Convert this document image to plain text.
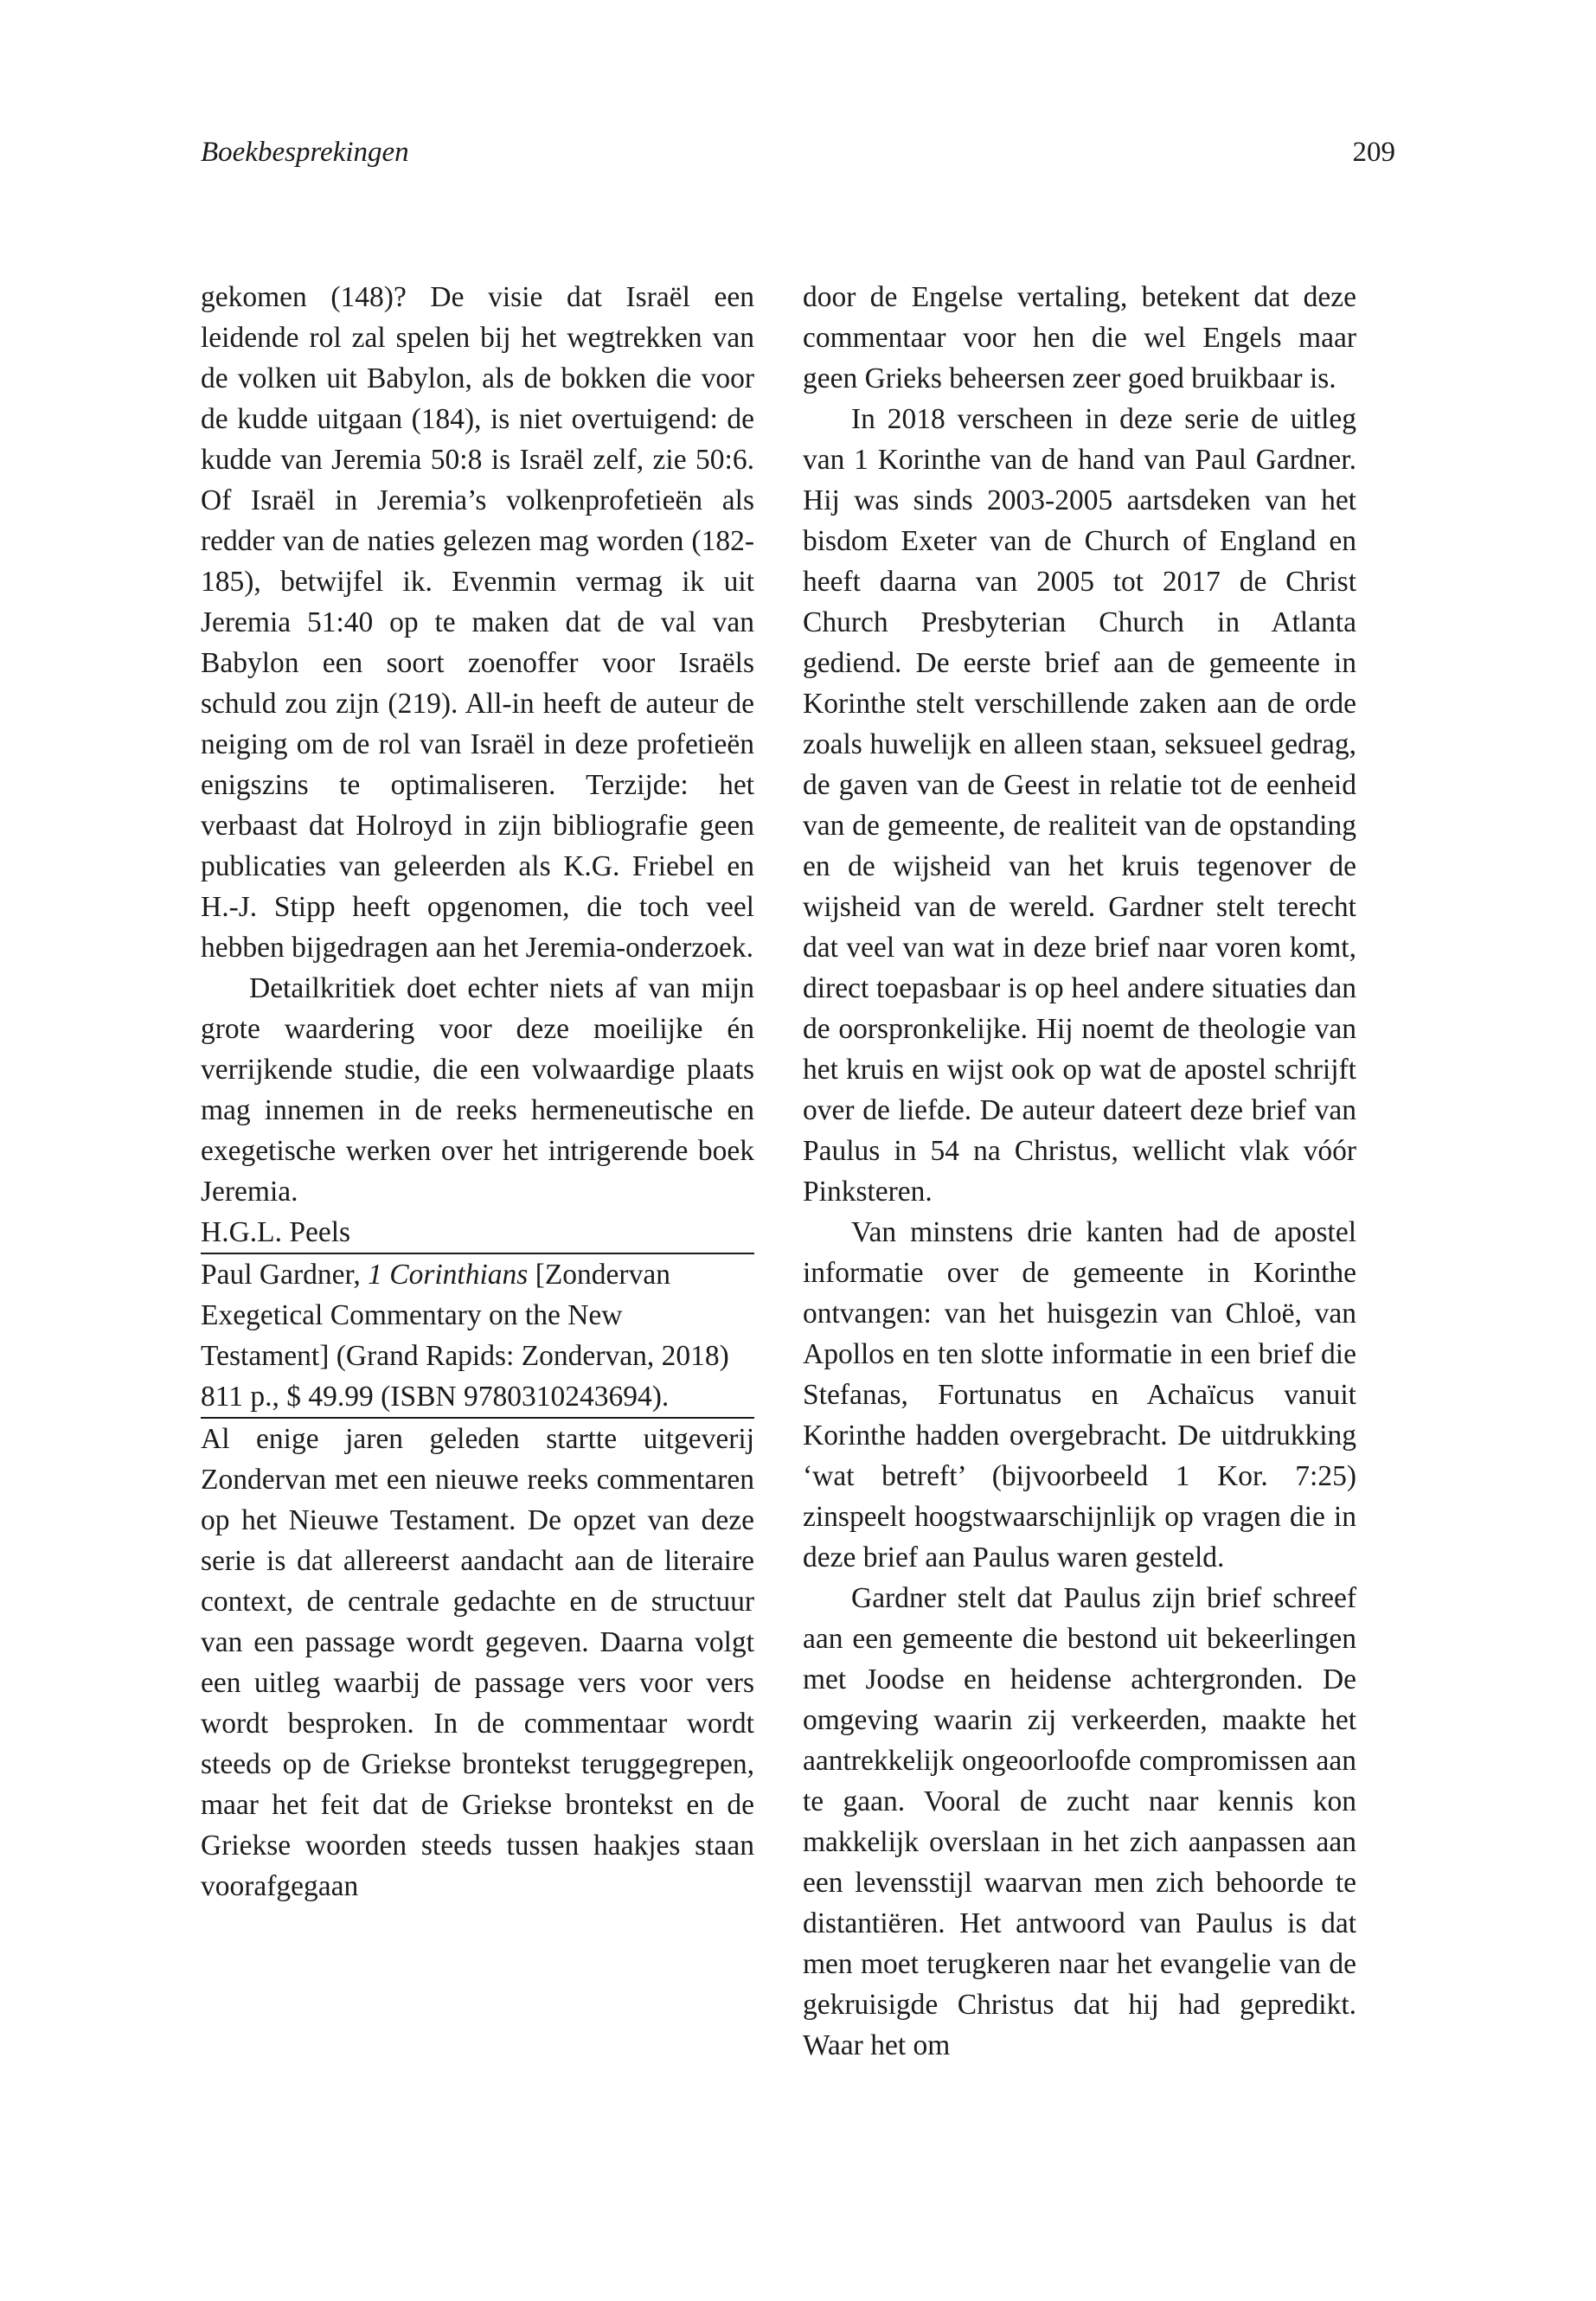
Boekbesprekingen	209

gekomen (148)? De visie dat Israël een leidende rol zal spelen bij het wegtrekken van de volken uit Babylon, als de bokken die voor de kudde uitgaan (184), is niet overtuigend: de kudde van Jeremia 50:8 is Israël zelf, zie 50:6. Of Israël in Jeremia’s volkenprofetieën als redder van de naties gelezen mag worden (182-185), betwijfel ik. Evenmin vermag ik uit Jeremia 51:40 op te maken dat de val van Babylon een soort zoenoffer voor Israëls schuld zou zijn (219). All-in heeft de auteur de neiging om de rol van Israël in deze profetieën enigszins te optimaliseren. Terzijde: het verbaast dat Holroyd in zijn bibliografie geen publicaties van geleerden als K.G. Friebel en H.-J. Stipp heeft opgenomen, die toch veel hebben bijgedragen aan het Jeremia-onderzoek.

Detailkritiek doet echter niets af van mijn grote waardering voor deze moeilijke én verrijkende studie, die een volwaardige plaats mag innemen in de reeks hermeneutische en exegetische werken over het intrigerende boek Jeremia.

H.G.L. Peels

Paul Gardner, 1 Corinthians [Zondervan Exegetical Commentary on the New Testament] (Grand Rapids: Zondervan, 2018) 811 p., $ 49.99 (ISBN 9780310243694).

Al enige jaren geleden startte uitgeverij Zondervan met een nieuwe reeks commentaren op het Nieuwe Testament. De opzet van deze serie is dat allereerst aandacht aan de literaire context, de centrale gedachte en de structuur van een passage wordt gegeven. Daarna volgt een uitleg waarbij de passage vers voor vers wordt besproken. In de commentaar wordt steeds op de Griekse brontekst teruggegrepen, maar het feit dat de Griekse brontekst en de Griekse woorden steeds tussen haakjes staan voorafgegaan

door de Engelse vertaling, betekent dat deze commentaar voor hen die wel Engels maar geen Grieks beheersen zeer goed bruikbaar is.

In 2018 verscheen in deze serie de uitleg van 1 Korinthe van de hand van Paul Gardner. Hij was sinds 2003-2005 aartsdeken van het bisdom Exeter van de Church of England en heeft daarna van 2005 tot 2017 de Christ Church Presbyterian Church in Atlanta gediend. De eerste brief aan de gemeente in Korinthe stelt verschillende zaken aan de orde zoals huwelijk en alleen staan, seksueel gedrag, de gaven van de Geest in relatie tot de eenheid van de gemeente, de realiteit van de opstanding en de wijsheid van het kruis tegenover de wijsheid van de wereld. Gardner stelt terecht dat veel van wat in deze brief naar voren komt, direct toepasbaar is op heel andere situaties dan de oorspronkelijke. Hij noemt de theologie van het kruis en wijst ook op wat de apostel schrijft over de liefde. De auteur dateert deze brief van Paulus in 54 na Christus, wellicht vlak vóór Pinksteren.

Van minstens drie kanten had de apostel informatie over de gemeente in Korinthe ontvangen: van het huisgezin van Chloë, van Apollos en ten slotte informatie in een brief die Stefanas, Fortunatus en Achaïcus vanuit Korinthe hadden overgebracht. De uitdrukking ‘wat betreft’ (bijvoorbeeld 1 Kor. 7:25) zinspeelt hoogstwaarschijnlijk op vragen die in deze brief aan Paulus waren gesteld.

Gardner stelt dat Paulus zijn brief schreef aan een gemeente die bestond uit bekeerlingen met Joodse en heidense achtergronden. De omgeving waarin zij verkeerden, maakte het aantrekkelijk ongeoorloofde compromissen aan te gaan. Vooral de zucht naar kennis kon makkelijk overslaan in het zich aanpassen aan een levensstijl waarvan men zich behoorde te distantiëren. Het antwoord van Paulus is dat men moet terugkeren naar het evangelie van de gekruisigde Christus dat hij had gepredikt. Waar het om
